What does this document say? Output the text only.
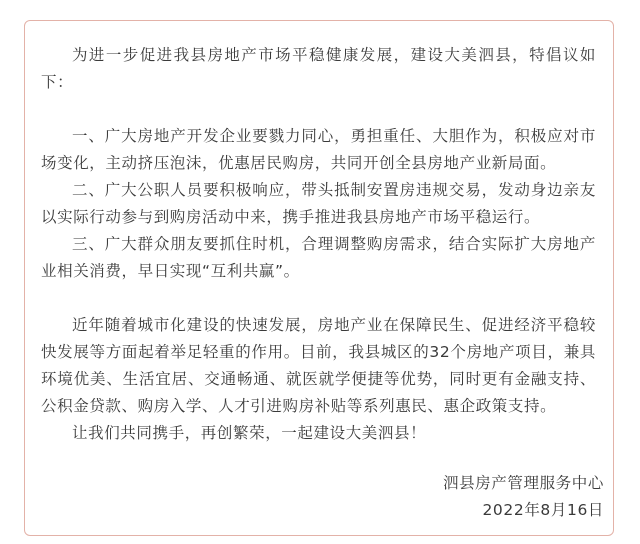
为进一步促进我县房地产市场平稳健康发展，建设大美泗县，特倡议如下：

一、广大房地产开发企业要戮力同心，勇担重任、大胆作为，积极应对市场变化，主动挤压泡沫，优惠居民购房，共同开创全县房地产业新局面。

二、广大公职人员要积极响应，带头抵制安置房违规交易，发动身边亲友以实际行动参与到购房活动中来，携手推进我县房地产市场平稳运行。

三、广大群众朋友要抓住时机，合理调整购房需求，结合实际扩大房地产业相关消费，早日实现“互利共赢”。

近年随着城市化建设的快速发展，房地产业在保障民生、促进经济平稳较快发展等方面起着举足轻重的作用。目前，我县城区的32个房地产项目，兼具环境优美、生活宜居、交通畅通、就医就学便捷等优势，同时更有金融支持、公积金贷款、购房入学、人才引进购房补贴等系列惠民、惠企政策支持。

让我们共同携手，再创繁荣，一起建设大美泗县！

泗县房产管理服务中心
2022年8月16日
